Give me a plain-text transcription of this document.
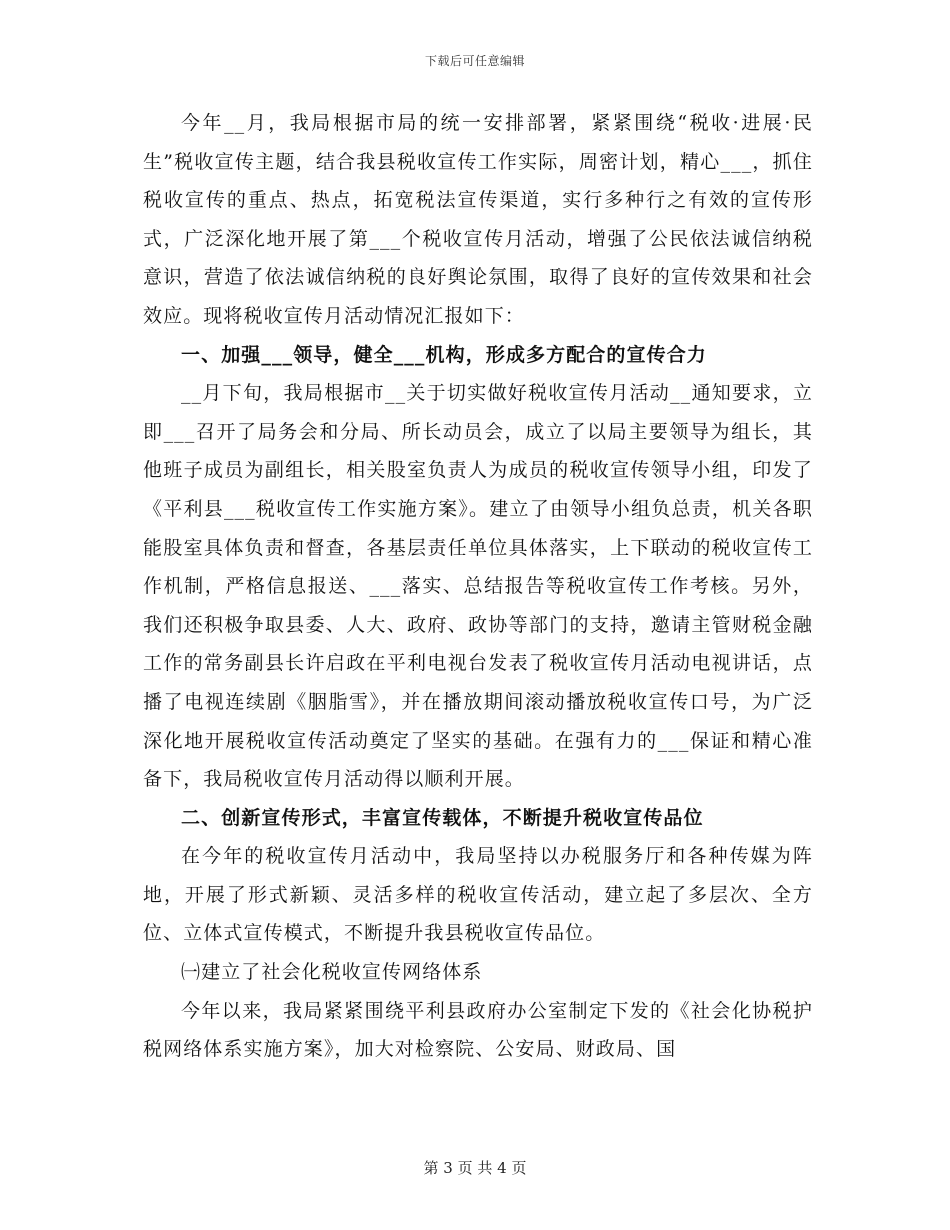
下载后可任意编辑

今年__月，我局根据市局的统一安排部署，紧紧围绕“税收·进展·民生”税收宣传主题，结合我县税收宣传工作实际，周密计划，精心___，抓住税收宣传的重点、热点，拓宽税法宣传渠道，实行多种行之有效的宣传形式，广泛深化地开展了第___个税收宣传月活动，增强了公民依法诚信纳税意识，营造了依法诚信纳税的良好舆论氛围，取得了良好的宣传效果和社会效应。现将税收宣传月活动情况汇报如下：

一、加强___领导，健全___机构，形成多方配合的宣传合力

__月下旬，我局根据市__关于切实做好税收宣传月活动__通知要求，立即___召开了局务会和分局、所长动员会，成立了以局主要领导为组长，其他班子成员为副组长，相关股室负责人为成员的税收宣传领导小组，印发了《平利县___税收宣传工作实施方案》。建立了由领导小组负总责，机关各职能股室具体负责和督查，各基层责任单位具体落实，上下联动的税收宣传工作机制，严格信息报送、___落实、总结报告等税收宣传工作考核。另外，我们还积极争取县委、人大、政府、政协等部门的支持，邀请主管财税金融工作的常务副县长许启政在平利电视台发表了税收宣传月活动电视讲话，点播了电视连续剧《胭脂雪》，并在播放期间滚动播放税收宣传口号，为广泛深化地开展税收宣传活动奠定了坚实的基础。在强有力的___保证和精心准备下，我局税收宣传月活动得以顺利开展。

二、创新宣传形式，丰富宣传载体，不断提升税收宣传品位

在今年的税收宣传月活动中，我局坚持以办税服务厅和各种传媒为阵地，开展了形式新颖、灵活多样的税收宣传活动，建立起了多层次、全方位、立体式宣传模式，不断提升我县税收宣传品位。

㈠建立了社会化税收宣传网络体系

今年以来，我局紧紧围绕平利县政府办公室制定下发的《社会化协税护税网络体系实施方案》，加大对检察院、公安局、财政局、国

第 3 页 共 4 页
